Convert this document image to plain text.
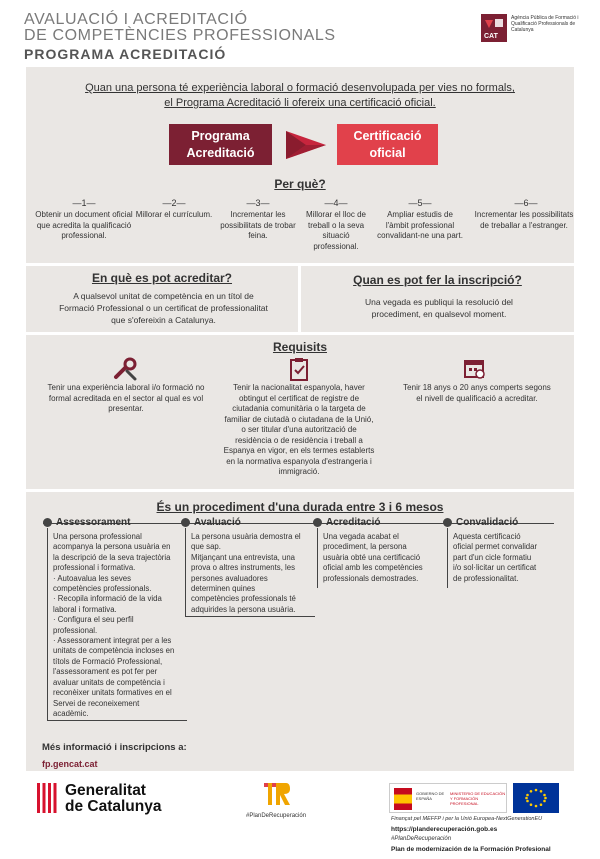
AVALUACIÓ I ACREDITACIÓ
DE COMPETÈNCIES PROFESSIONALS
PROGRAMA ACREDITACIÓ
CAT
Agència Pública de Formació i Qualificació Professionals de Catalunya
Quan una persona té experiència laboral o formació desenvolupada per vies no formals,
el Programa Acreditació li ofereix una certificació oficial.
Programa Acreditació
Certificació oficial
Per què?
—1—
Obtenir un document oficial que acredita la qualificació professional.
—2—
Millorar el currículum.
—3—
Incrementar les possibilitats de trobar feina.
—4—
Millorar el lloc de treball o la seva situació professional.
—5—
Ampliar estudis de l'àmbit professional convalidant-ne una part.
—6—
Incrementar les possibilitats de treballar a l'estranger.
En què es pot acreditar?
A qualsevol unitat de competència en un títol de Formació Professional o un certificat de professionalitat que s'ofereixin a Catalunya.
Quan es pot fer la inscripció?
Una vegada es publiqui la resolució del procediment, en qualsevol moment.
Requisits
Tenir una experiència laboral i/o formació no formal acreditada en el sector al qual es vol presentar.
Tenir la nacionalitat espanyola, haver obtingut el certificat de registre de ciutadania comunitària o la targeta de familiar de ciutadà o ciutadana de la Unió, o ser titular d'una autorització de residència o de residència i treball a Espanya en vigor, en els termes establerts en la normativa espanyola d'estrangeria i immigració.
Tenir 18 anys o 20 anys comperts segons el nivell de qualificació a acreditar.
És un procediment d'una durada entre 3 i 6 mesos
Assessorament
Una persona professional
acompanya la persona usuària en
la descripció de la seva trajectòria
professional i formativa.
· Autoavalua les seves
competències professionals.
· Recopila informació de la vida
laboral i formativa.
· Configura el seu perfil
professional.
· Assessorament integrat per a les
unitats de competència incloses en
títols de Formació Professional,
l'assessorament es pot fer per
avaluar unitats de competència i
reconèixer unitats formatives en el
Servei de reconeixement
acadèmic.
Avaluació
La persona usuària demostra el
que sap.
Mitjançant una entrevista, una
prova o altres instruments, les
persones avaluadores
determinen quines
competències professionals té
adquirides la persona usuària.
Acreditació
Una vegada acabat el
procediment, la persona
usuària obté una certificació
oficial amb les competències
professionals demostrades.
Convalidació
Aquesta certificació
oficial permet convalidar
part d'un cicle formatiu
i/o sol·licitar un certificat
de professionalitat.
Més informació i inscripcions a:
fp.gencat.cat
Generalitat
de Catalunya
#PlanDeRecuperación
GOBIERNO DE ESPAÑA
MINISTERIO DE EDUCACIÓN Y FORMACIÓN PROFESIONAL
Finançat pel MEFFP i per la Unió Europea-NextGenerationEU
https://planderecuperación.gob.es
#PlanDeRecuperación
Plan de modernización de la Formación Profesional
